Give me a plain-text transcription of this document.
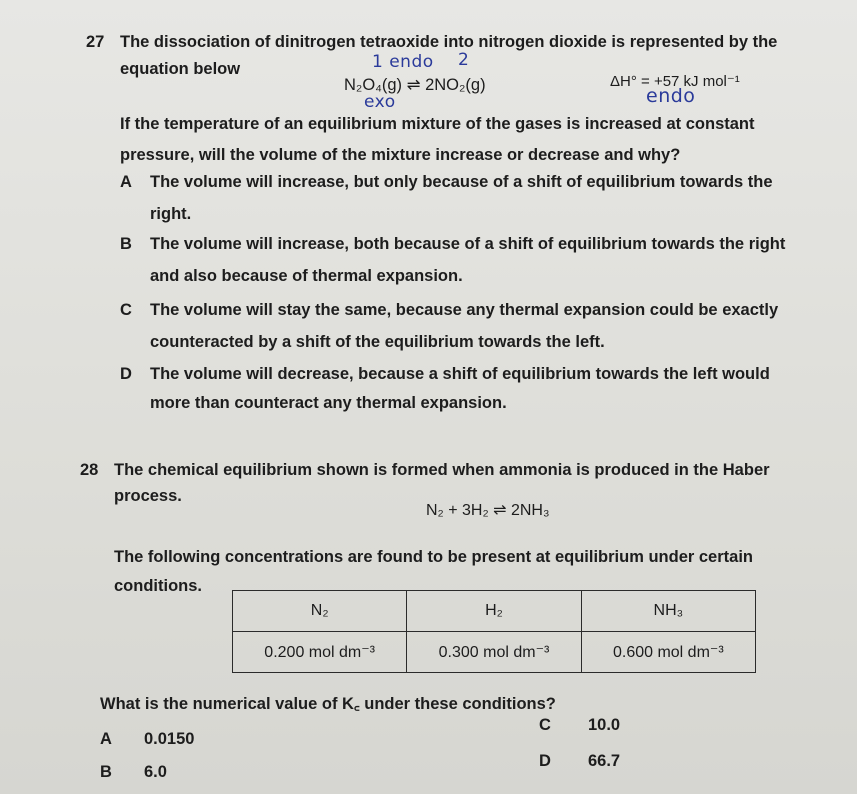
27 The dissociation of dinitrogen tetraoxide into nitrogen dioxide is represented by the
equation below	1 endo 2
N₂O₄(g) ⇌ 2NO₂(g)	ΔH° = +57 kJ mol⁻¹
exo	endo
If the temperature of an equilibrium mixture of the gases is increased at constant
pressure, will the volume of the mixture increase or decrease and why?
A The volume will increase, but only because of a shift of equilibrium towards the
right.
B The volume will increase, both because of a shift of equilibrium towards the right
and also because of thermal expansion.
C The volume will stay the same, because any thermal expansion could be exactly
counteracted by a shift of the equilibrium towards the left.
D The volume will decrease, because a shift of equilibrium towards the left would
more than counteract any thermal expansion.
28 The chemical equilibrium shown is formed when ammonia is produced in the Haber
process.
N₂ + 3H₂ ⇌ 2NH₃
The following concentrations are found to be present at equilibrium under certain
conditions.
N₂	H₂	NH₃
0.200 mol dm⁻³	0.300 mol dm⁻³	0.600 mol dm⁻³
What is the numerical value of K꜀ under these conditions?
A 0.0150
B 6.0
C 10.0
D 66.7
